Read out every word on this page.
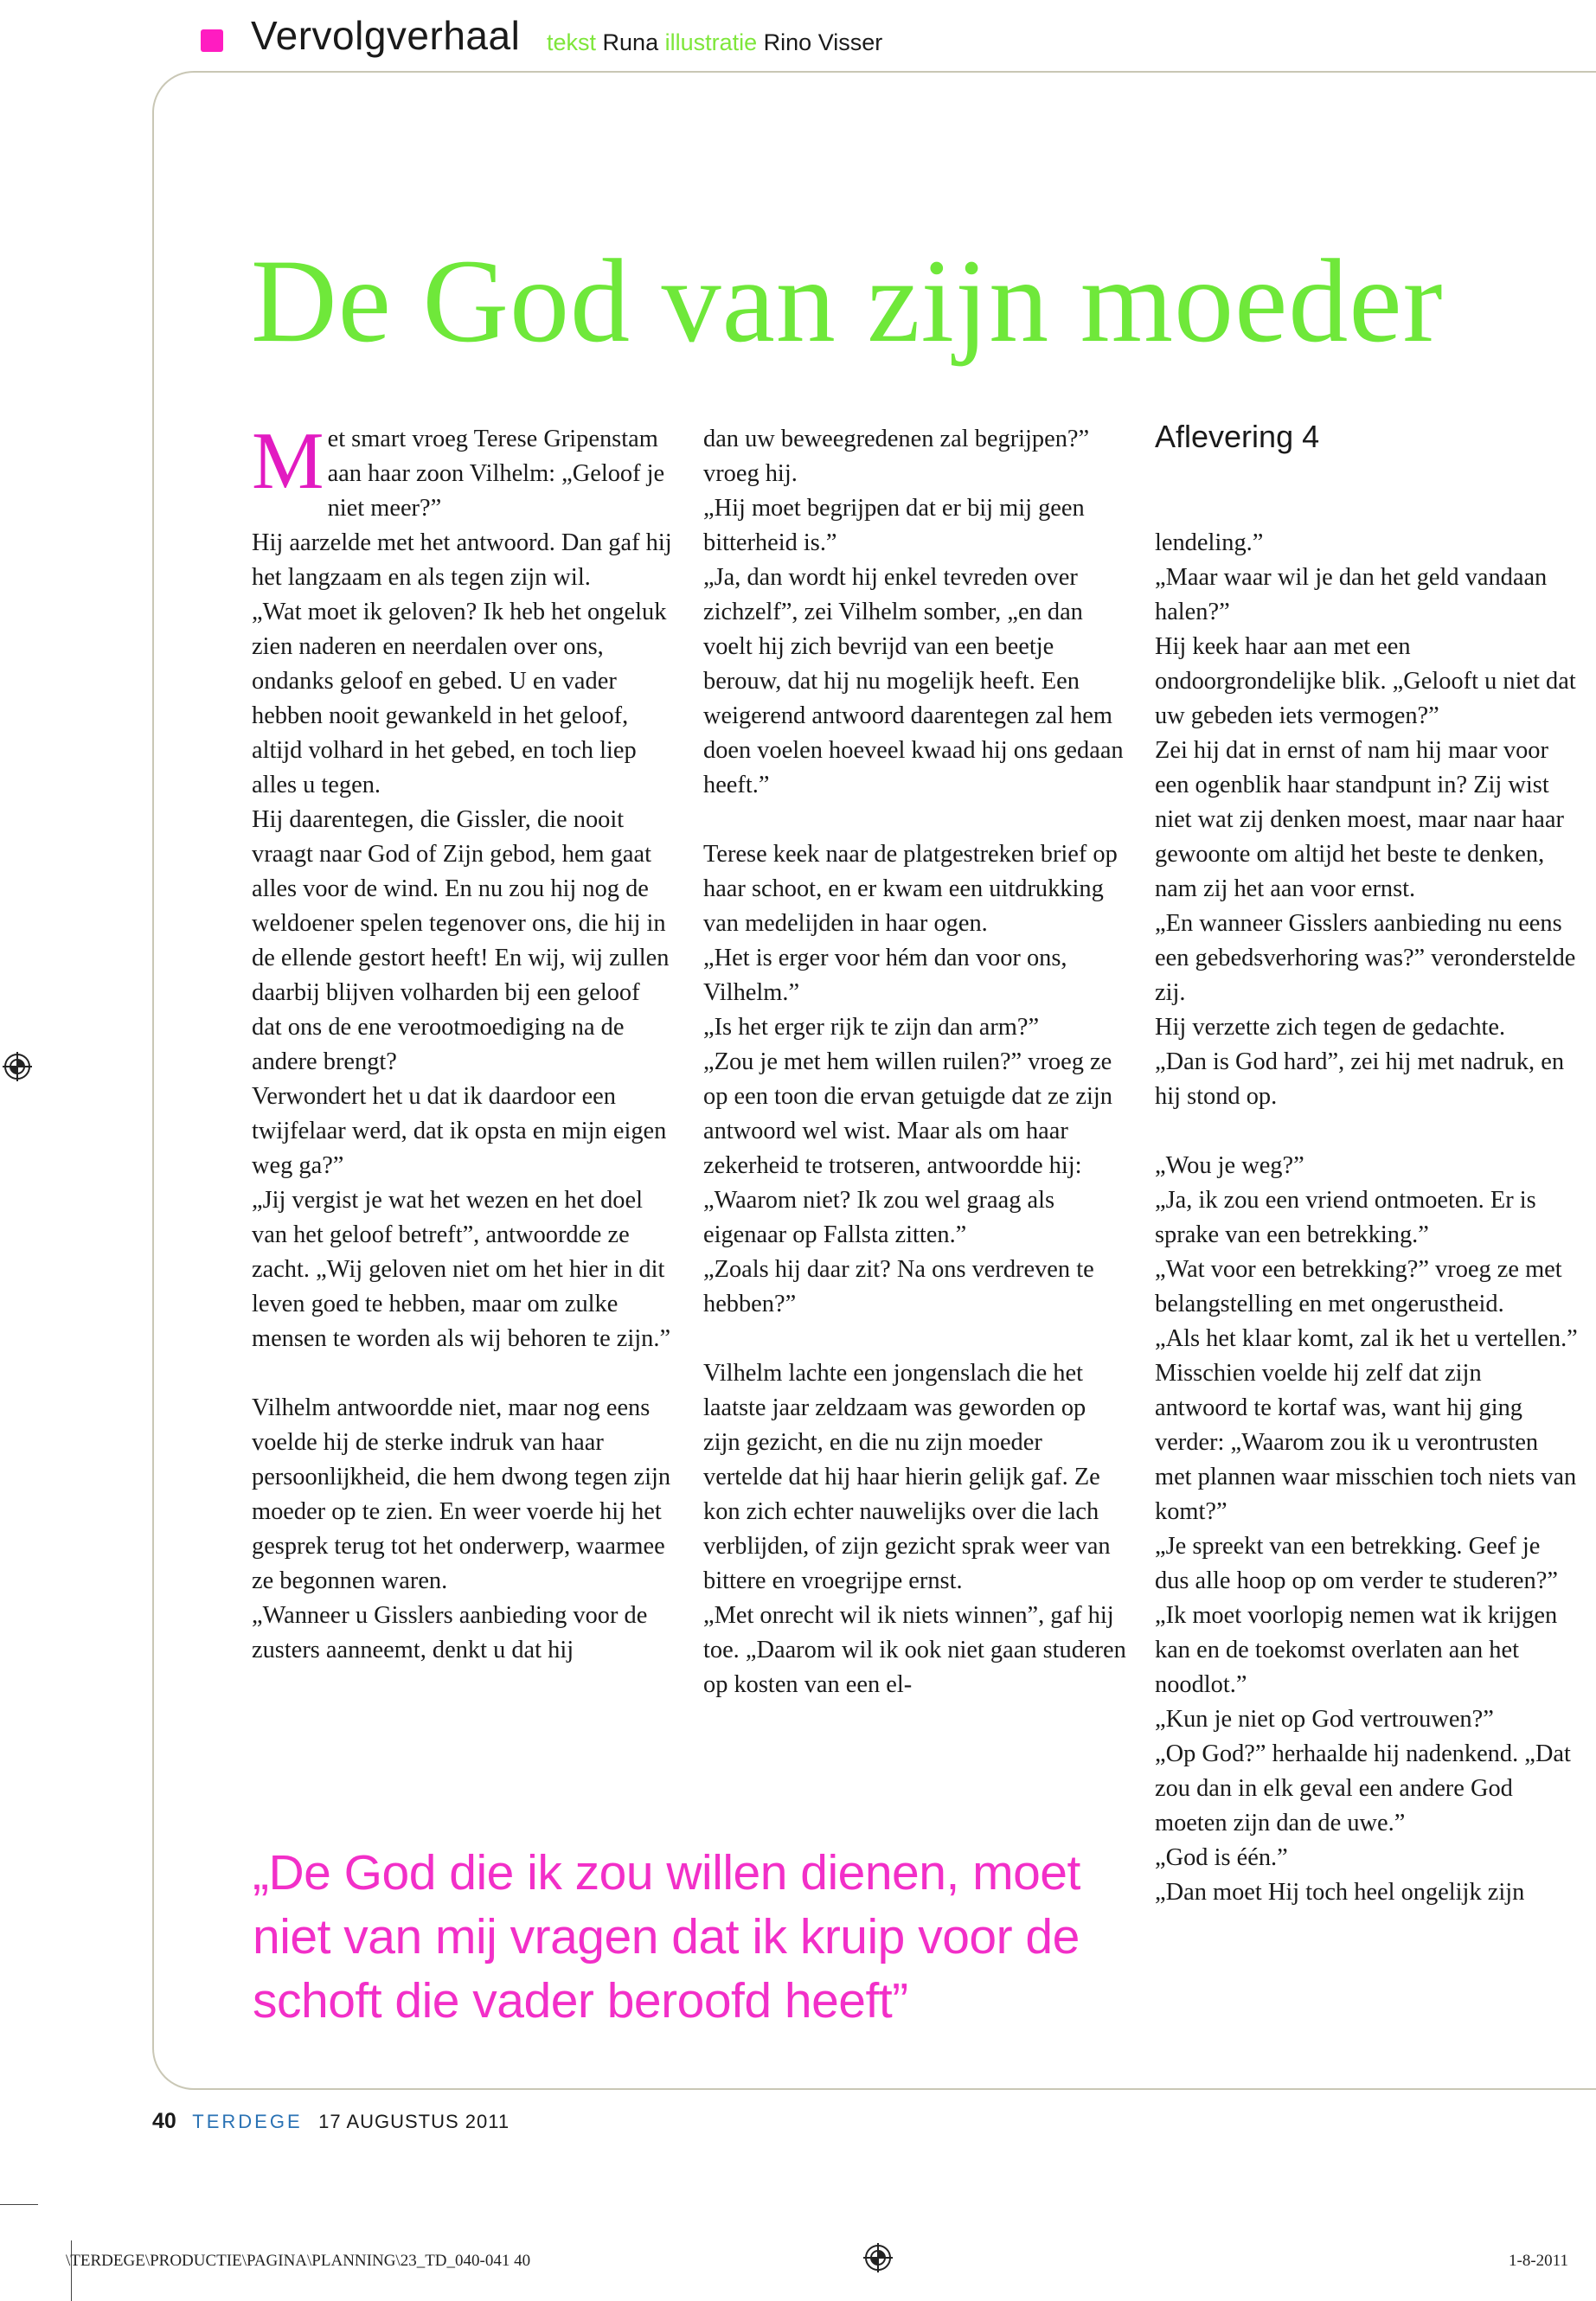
Vervolgverhaal tekst Runa illustratie Rino Visser
De God van zijn moeder

Met smart vroeg Terese Gripenstam aan haar zoon Vilhelm: „Geloof je niet meer?”

Hij aarzelde met het antwoord. Dan gaf hij het langzaam en als tegen zijn wil.

„Wat moet ik geloven? Ik heb het ongeluk zien naderen en neerdalen over ons, ondanks geloof en gebed. U en vader hebben nooit gewankeld in het geloof, altijd volhard in het gebed, en toch liep alles u tegen.

Hij daarentegen, die Gissler, die nooit vraagt naar God of Zijn gebod, hem gaat alles voor de wind. En nu zou hij nog de weldoener spelen tegenover ons, die hij in de ellende gestort heeft! En wij, wij zullen daarbij blijven volharden bij een geloof dat ons de ene verootmoediging na de andere brengt?

Verwondert het u dat ik daardoor een twijfelaar werd, dat ik opsta en mijn eigen weg ga?”

„Jij vergist je wat het wezen en het doel van het geloof betreft”, antwoordde ze zacht. „Wij geloven niet om het hier in dit leven goed te hebben, maar om zulke mensen te worden als wij behoren te zijn.”

Vilhelm antwoordde niet, maar nog eens voelde hij de sterke indruk van haar persoonlijkheid, die hem dwong tegen zijn moeder op te zien. En weer voerde hij het gesprek terug tot het onderwerp, waarmee ze begonnen waren.

„Wanneer u Gisslers aanbieding voor de zusters aanneemt, denkt u dat hij

dan uw beweegredenen zal begrijpen?” vroeg hij.

„Hij moet begrijpen dat er bij mij geen bitterheid is.”

„Ja, dan wordt hij enkel tevreden over zichzelf”, zei Vilhelm somber, „en dan voelt hij zich bevrijd van een beetje berouw, dat hij nu mogelijk heeft. Een weigerend antwoord daarentegen zal hem doen voelen hoeveel kwaad hij ons gedaan heeft.”

Terese keek naar de platgestreken brief op haar schoot, en er kwam een uitdrukking van medelijden in haar ogen.

„Het is erger voor hém dan voor ons, Vilhelm.”

„Is het erger rijk te zijn dan arm?”

„Zou je met hem willen ruilen?” vroeg ze op een toon die ervan getuigde dat ze zijn antwoord wel wist. Maar als om haar zekerheid te trotseren, antwoordde hij: „Waarom niet? Ik zou wel graag als eigenaar op Fallsta zitten.”

„Zoals hij daar zit? Na ons verdreven te hebben?”

Vilhelm lachte een jongenslach die het laatste jaar zeldzaam was geworden op zijn gezicht, en die nu zijn moeder vertelde dat hij haar hierin gelijk gaf. Ze kon zich echter nauwelijks over die lach verblijden, of zijn gezicht sprak weer van bittere en vroegrijpe ernst.

„Met onrecht wil ik niets winnen”, gaf hij toe. „Daarom wil ik ook niet gaan studeren op kosten van een el-

Aflevering 4

lendeling.”

„Maar waar wil je dan het geld vandaan halen?”

Hij keek haar aan met een ondoorgrondelijke blik. „Gelooft u niet dat uw gebeden iets vermogen?”

Zei hij dat in ernst of nam hij maar voor een ogenblik haar standpunt in? Zij wist niet wat zij denken moest, maar naar haar gewoonte om altijd het beste te denken, nam zij het aan voor ernst.

„En wanneer Gisslers aanbieding nu eens een gebedsverhoring was?” veronderstelde zij.

Hij verzette zich tegen de gedachte.

„Dan is God hard”, zei hij met nadruk, en hij stond op.

„Wou je weg?”

„Ja, ik zou een vriend ontmoeten. Er is sprake van een betrekking.”

„Wat voor een betrekking?” vroeg ze met belangstelling en met ongerustheid.

„Als het klaar komt, zal ik het u vertellen.”

Misschien voelde hij zelf dat zijn antwoord te kortaf was, want hij ging verder: „Waarom zou ik u verontrusten met plannen waar misschien toch niets van komt?”

„Je spreekt van een betrekking. Geef je dus alle hoop op om verder te studeren?”

„Ik moet voorlopig nemen wat ik krijgen kan en de toekomst overlaten aan het noodlot.”

„Kun je niet op God vertrouwen?”

„Op God?” herhaalde hij nadenkend. „Dat zou dan in elk geval een andere God moeten zijn dan de uwe.”

„God is één.”

„Dan moet Hij toch heel ongelijk zijn

„De God die ik zou willen dienen, moet niet van mij vragen dat ik kruip voor de schoft die vader beroofd heeft”

40 TERDEGE 17 AUGUSTUS 2011
\TERDEGE\PRODUCTIE\PAGINA\PLANNING\23_TD_040-041 40	1-8-2011
